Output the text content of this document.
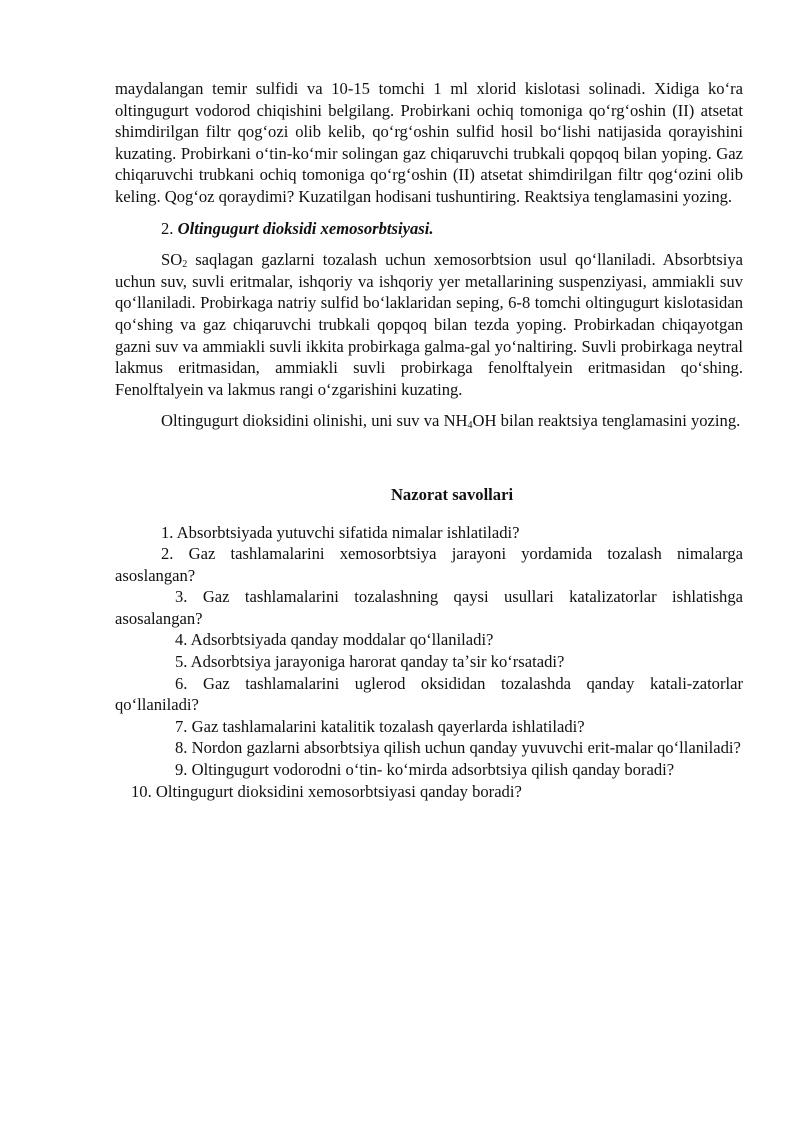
maydalangan temir sulfidi va 10-15 tomchi 1 ml xlorid kislotasi solinadi. Xidiga koʻra oltingugurt vodorod chiqishini belgilang. Probirkani ochiq tomoniga qoʻrgʻoshin (II) atsetat shimdirilgan filtr qogʻozi olib kelib, qoʻrgʻoshin sulfid hosil boʻlishi natijasida qorayishini kuzating. Probirkani oʻtin-koʻmir solingan gaz chiqaruvchi trubkali qopqoq bilan yoping. Gaz chiqaruvchi trubkani ochiq tomoniga qoʻrgʻoshin (II) atsetat shimdirilgan filtr qogʻozini olib keling. Qogʻoz qoraydimi? Kuzatilgan hodisani tushuntiring. Reaktsiya tenglamasini yozing.

2. Oltingugurt dioksidi xemosorbtsiyasi.

$SO_2$ saqlagan gazlarni tozalash uchun xemosorbtsion usul qoʻllaniladi. Absorbtsiya uchun suv, suvli eritmalar, ishqoriy va ishqoriy yer metallarining suspenziyasi, ammiakli suv qoʻllaniladi. Probirkaga natriy sulfid boʻlaklaridan seping, 6-8 tomchi oltingugurt kislotasidan qoʻshing va gaz chiqaruvchi trubkali qopqoq bilan tezda yoping. Probirkadan chiqayotgan gazni suv va ammiakli suvli ikkita probirkaga galma-gal yoʻnaltiring. Suvli probirkaga neytral lakmus eritmasidan, ammiakli suvli probirkaga fenolftalyein eritmasidan qoʻshing. Fenolftalyein va lakmus rangi oʻzgarishini kuzating.

Oltingugurt dioksidini olinishi, uni suv va $NH_4OH$ bilan reaktsiya tenglamasini yozing.

Nazorat savollari

1. Absorbtsiyada yutuvchi sifatida nimalar ishlatiladi?

2. Gaz tashlamalarini xemosorbtsiya jarayoni yordamida tozalash nimalarga asoslangan?

3. Gaz tashlamalarini tozalashning qaysi usullari katalizatorlar ishlatishga asosalangan?

4. Adsorbtsiyada qanday moddalar qoʻllaniladi?

5. Adsorbtsiya jarayoniga harorat qanday taʼsir koʻrsatadi?

6. Gaz tashlamalarini uglerod oksididan tozalashda qanday katali-zatorlar qoʻllaniladi?

7. Gaz tashlamalarini katalitik tozalash qayerlarda ishlatiladi?

8. Nordon gazlarni absorbtsiya qilish uchun qanday yuvuvchi erit-malar qoʻllaniladi?

9. Oltingugurt vodorodni oʻtin- koʻmirda adsorbtsiya qilish qanday boradi?

10. Oltingugurt dioksidini xemosorbtsiyasi qanday boradi?
